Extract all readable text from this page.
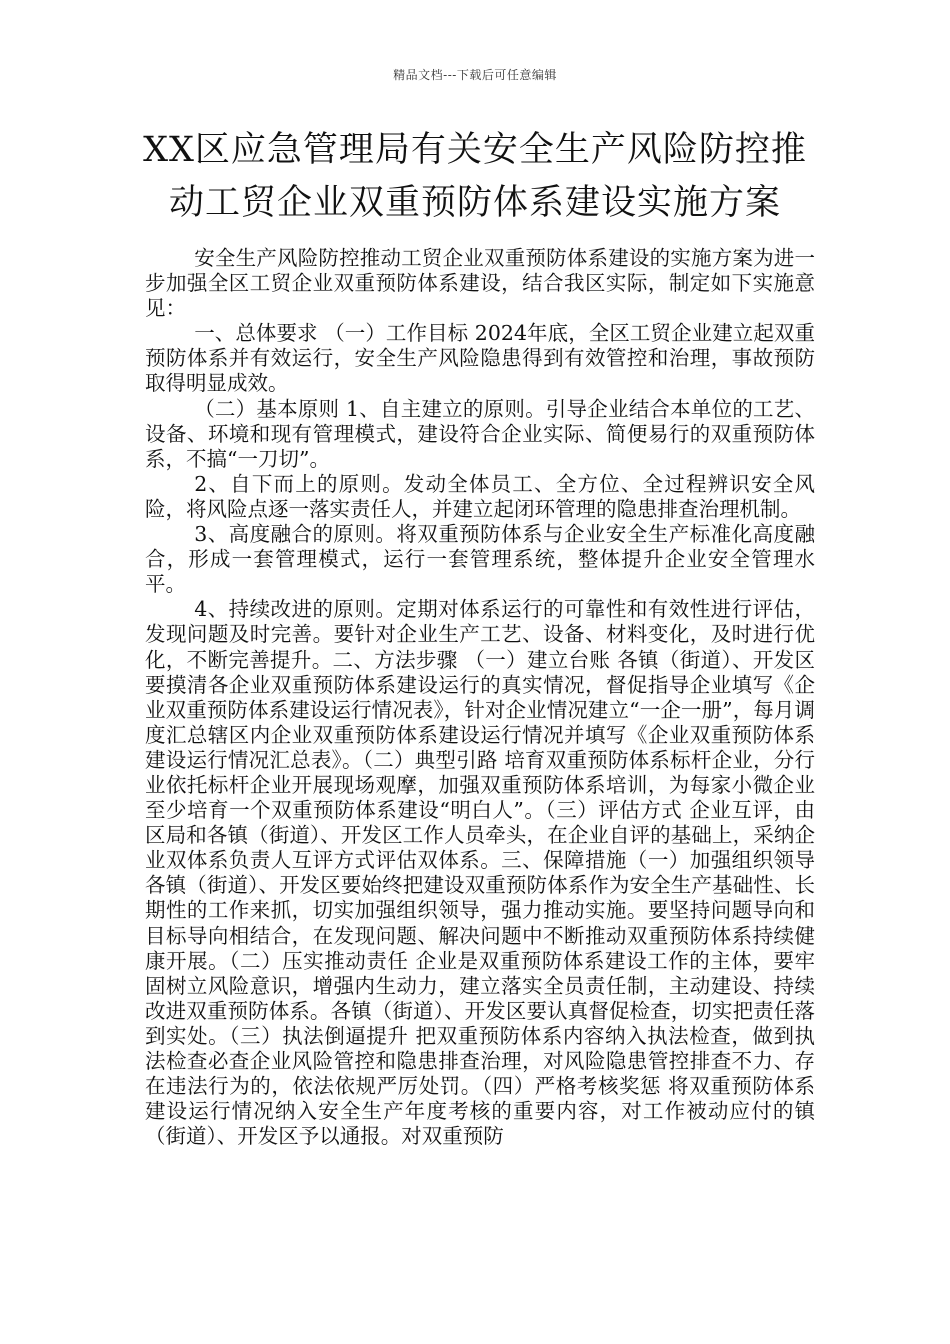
精品文档---下载后可任意编辑
XX区应急管理局有关安全生产风险防控推
动工贸企业双重预防体系建设实施方案

安全生产风险防控推动工贸企业双重预防体系建设的实施方案为进一步加强全区工贸企业双重预防体系建设，结合我区实际，制定如下实施意见：

一、总体要求 （一）工作目标 2024年底，全区工贸企业建立起双重预防体系并有效运行，安全生产风险隐患得到有效管控和治理，事故预防取得明显成效。

（二）基本原则 1、自主建立的原则。引导企业结合本单位的工艺、设备、环境和现有管理模式，建设符合企业实际、简便易行的双重预防体系，不搞“一刀切”。

2、自下而上的原则。发动全体员工、全方位、全过程辨识安全风险，将风险点逐一落实责任人，并建立起闭环管理的隐患排查治理机制。

3、高度融合的原则。将双重预防体系与企业安全生产标准化高度融合，形成一套管理模式，运行一套管理系统，整体提升企业安全管理水平。

4、持续改进的原则。定期对体系运行的可靠性和有效性进行评估，发现问题及时完善。要针对企业生产工艺、设备、材料变化，及时进行优化，不断完善提升。二、方法步骤 （一）建立台账 各镇（街道）、开发区要摸清各企业双重预防体系建设运行的真实情况，督促指导企业填写《企业双重预防体系建设运行情况表》，针对企业情况建立“一企一册”，每月调度汇总辖区内企业双重预防体系建设运行情况并填写《企业双重预防体系建设运行情况汇总表》。（二）典型引路 培育双重预防体系标杆企业，分行业依托标杆企业开展现场观摩，加强双重预防体系培训，为每家小微企业至少培育一个双重预防体系建设“明白人”。（三）评估方式 企业互评，由区局和各镇（街道）、开发区工作人员牵头，在企业自评的基础上，采纳企业双体系负责人互评方式评估双体系。三、保障措施（一）加强组织领导 各镇（街道）、开发区要始终把建设双重预防体系作为安全生产基础性、长期性的工作来抓，切实加强组织领导，强力推动实施。要坚持问题导向和目标导向相结合，在发现问题、解决问题中不断推动双重预防体系持续健康开展。（二）压实推动责任 企业是双重预防体系建设工作的主体，要牢固树立风险意识，增强内生动力，建立落实全员责任制，主动建设、持续改进双重预防体系。各镇（街道）、开发区要认真督促检查，切实把责任落到实处。（三）执法倒逼提升 把双重预防体系内容纳入执法检查，做到执法检查必查企业风险管控和隐患排查治理，对风险隐患管控排查不力、存在违法行为的，依法依规严厉处罚。（四）严格考核奖惩 将双重预防体系建设运行情况纳入安全生产年度考核的重要内容，对工作被动应付的镇（街道）、开发区予以通报。对双重预防
